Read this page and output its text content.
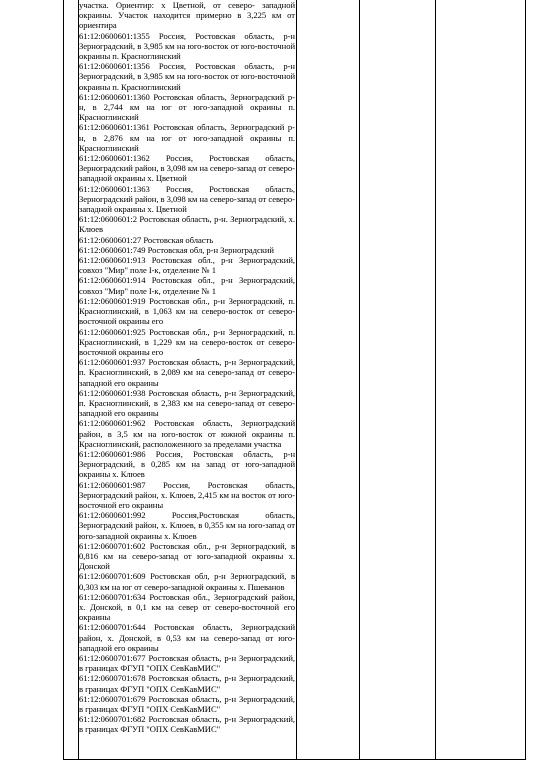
участка. Ориентир: х Цветной, от северо- западной окраины. Участок находится примерно в 3,225 км от ориентира

61:12:0600601:1355 Россия, Ростовская область, р-н Зерноградский, в 3,985 км на юго-восток от юго-восточной окраины п. Красноглинский

61:12:0600601:1356 Россия, Ростовская область, р-н Зерноградский, в 3,985 км на юго-восток от юго-восточной окраины п. Красноглинский

61:12:0600601:1360 Ростовская область, Зерноградский р-н, в 2,744 км на юг от юго-западной окраины п. Красноглинский

61:12:0600601:1361 Ростовская область, Зерноградский р-н, в 2,876 км на юг от юго-западной окраины п. Красноглинский

61:12:0600601:1362 Россия, Ростовская область, Зерноградский район, в 3,098 км на северо-запад от северо-западной окраины х. Цветной

61:12:0600601:1363 Россия, Ростовская область, Зерноградский район, в 3,098 км на северо-запад от северо-западной окраины х. Цветной

61:12:0600601:2 Ростовская область, р-н. Зерноградский, х. Клюев

61:12:0600601:27 Ростовская область

61:12:0600601:749 Ростовская обл, р-н Зерноградский

61:12:0600601:913 Ростовская обл., р-н Зерноградский, совхоз "Мир" поле I-к, отделение № 1

61:12:0600601:914 Ростовская обл., р-н Зерноградский, совхоз "Мир" поле I-к, отделение № 1

61:12:0600601:919 Ростовская обл., р-н Зерноградский, п. Красноглинский, в 1,063 км на северо-восток от северо-восточной окраины его

61:12:0600601:925 Ростовская обл., р-н Зерноградский, п. Красноглинский, в 1,229 км на северо-восток от северо-восточной окраины его

61:12:0600601:937 Ростовская область, р-н Зерноградский, п. Красноглинский, в 2,089 км на северо-запад от северо-западной его окраины

61:12:0600601:938 Ростовская область, р-н Зерноградский, п. Красноглинский, в 2,383 км на северо-запад от северо-западной его окраины

61:12:0600601:962 Ростовская область, Зерноградский район, в 3,5 км на юго-восток от южной окраины п. Красноглинский, расположенного за пределами участка

61:12:0600601:986 Россия, Ростовская область, р-н Зерноградский, в 0,285 км на запад от юго-западной окраины х. Клюев

61:12:0600601:987 Россия, Ростовская область, Зерноградский район, х. Клюев, 2,415 км на восток от юго-восточной его окраины

61:12:0600601:992 Россия,Ростовская область, Зерноградский район, х. Клюев, в 0,355 км на юго-запад от юго-западной окраины х. Клюев

61:12:0600701:602 Ростовская обл., р-н Зерноградский, в 0,816 км на северо-запад от юго-западной окраины х. Донской

61:12:0600701:609 Ростовская обл, р-н Зерноградский, в 0,303 км на юг от северо-западной окраины х. Пшеванов

61:12:0600701:634 Ростовская обл., Зерноградский район, х. Донской, в 0,1 км на север от северо-восточной его окраины

61:12:0600701:644 Ростовская область, Зерноградский район, х. Донской, в 0,53 км на северо-запад от юго-западной его окраины

61:12:0600701:677 Ростовская область, р-н Зерноградский, в границах ФГУП "ОПХ СевКавМИС"

61:12:0600701:678 Ростовская область, р-н Зерноградский, в границах ФГУП "ОПХ СевКавМИС"

61:12:0600701:679 Ростовская область, р-н Зерноградский, в границах ФГУП "ОПХ СевКавМИС"

61:12:0600701:682 Ростовская область, р-н Зерноградский, в границах ФГУП "ОПХ СевКавМИС"
